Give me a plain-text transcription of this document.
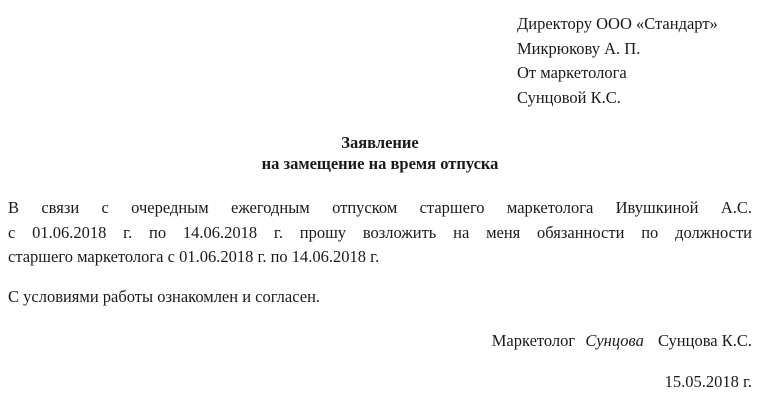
Директору ООО «Стандарт»
Микрюкову А. П.
От маркетолога
Сунцовой К.С.
Заявление
на замещение на время отпуска
В связи с очередным ежегодным отпуском старшего маркетолога Ивушкиной А.С.
с 01.06.2018 г. по 14.06.2018 г. прошу возложить на меня обязанности по должности
старшего маркетолога с 01.06.2018 г. по 14.06.2018 г.
С условиями работы ознакомлен и согласен.
Маркетолог Сунцова Сунцова К.С.
15.05.2018 г.
